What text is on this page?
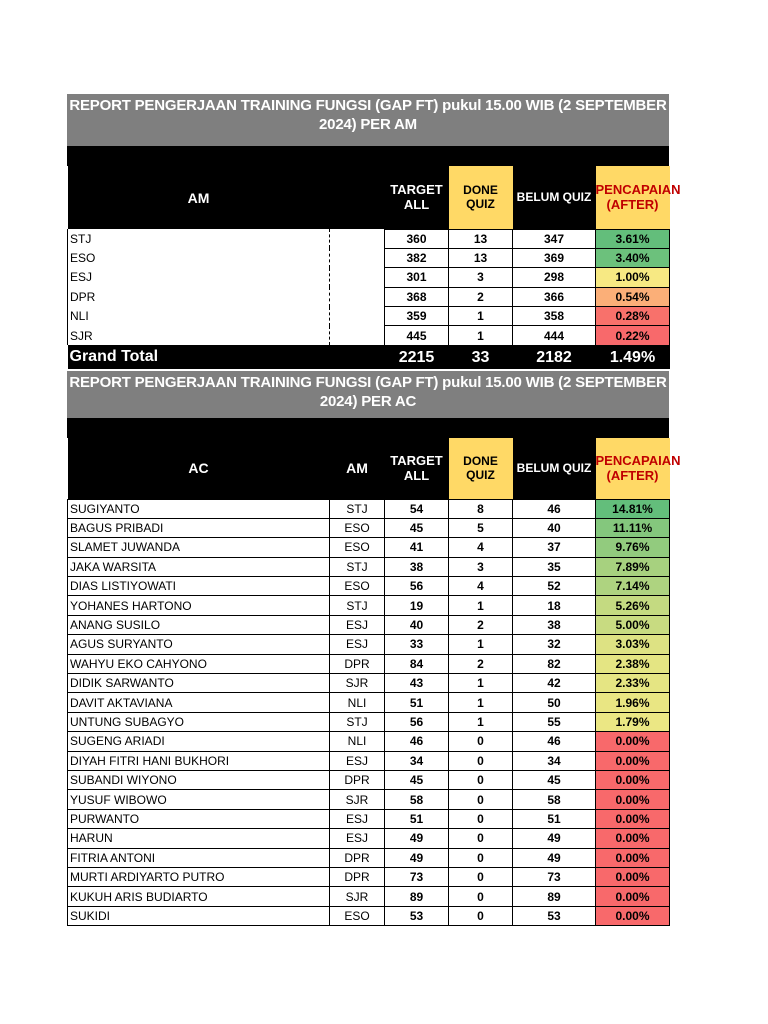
REPORT PENGERJAAN TRAINING FUNGSI (GAP FT) pukul 15.00 WIB (2 SEPTEMBER 2024) PER AM
AM		TARGET ALL	DONE QUIZ	BELUM QUIZ	PENCAPAIAN (AFTER)
STJ		360	13	347	3.61%
ESO		382	13	369	3.40%
ESJ		301	3	298	1.00%
DPR		368	2	366	0.54%
NLI		359	1	358	0.28%
SJR		445	1	444	0.22%
Grand Total		2215	33	2182	1.49%
REPORT PENGERJAAN TRAINING FUNGSI (GAP FT) pukul 15.00 WIB (2 SEPTEMBER 2024) PER AC
AC	AM	TARGET ALL	DONE QUIZ	BELUM QUIZ	PENCAPAIAN (AFTER)
SUGIYANTO	STJ	54	8	46	14.81%
BAGUS PRIBADI	ESO	45	5	40	11.11%
SLAMET JUWANDA	ESO	41	4	37	9.76%
JAKA WARSITA	STJ	38	3	35	7.89%
DIAS LISTIYOWATI	ESO	56	4	52	7.14%
YOHANES HARTONO	STJ	19	1	18	5.26%
ANANG SUSILO	ESJ	40	2	38	5.00%
AGUS SURYANTO	ESJ	33	1	32	3.03%
WAHYU EKO CAHYONO	DPR	84	2	82	2.38%
DIDIK SARWANTO	SJR	43	1	42	2.33%
DAVIT AKTAVIANA	NLI	51	1	50	1.96%
UNTUNG SUBAGYO	STJ	56	1	55	1.79%
SUGENG ARIADI	NLI	46	0	46	0.00%
DIYAH FITRI HANI BUKHORI	ESJ	34	0	34	0.00%
SUBANDI WIYONO	DPR	45	0	45	0.00%
YUSUF WIBOWO	SJR	58	0	58	0.00%
PURWANTO	ESJ	51	0	51	0.00%
HARUN	ESJ	49	0	49	0.00%
FITRIA ANTONI	DPR	49	0	49	0.00%
MURTI ARDIYARTO PUTRO	DPR	73	0	73	0.00%
KUKUH ARIS BUDIARTO	SJR	89	0	89	0.00%
SUKIDI	ESO	53	0	53	0.00%
